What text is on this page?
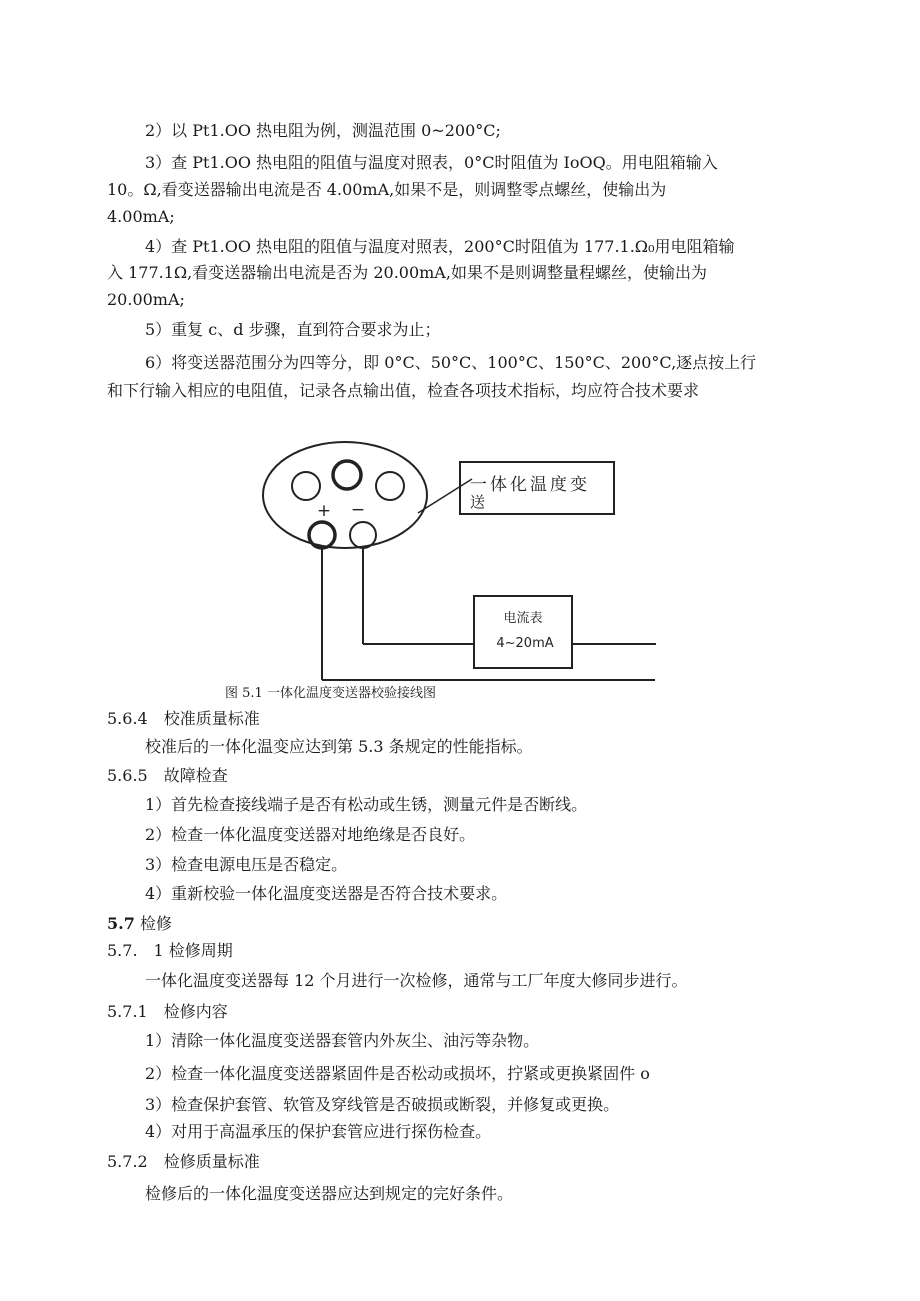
2）以 Pt1.OO 热电阻为例，测温范围 0~200°C;
3）查 Pt1.OO 热电阻的阻值与温度对照表，0°C时阻值为 IoOQ。用电阻箱输入
10。Ω,看变送器输出电流是否 4.00mA,如果不是，则调整零点螺丝，使输出为
4.00mA;
4）查 Pt1.OO 热电阻的阻值与温度对照表，200°C时阻值为 177.1.Ω₀用电阻箱输
入 177.1Ω,看变送器输出电流是否为 20.00mA,如果不是则调整量程螺丝，使输出为
20.00mA;
5）重复 c、d 步骤，直到符合要求为止；
6）将变送器范围分为四等分，即 0°C、50°C、100°C、150°C、200°C,逐点按上行
和下行输入相应的电阻值，记录各点输出值，检查各项技术指标，均应符合技术要求
+ −
一体化温度变
送
电流表
4~20mA
图 5.1 一体化温度变送器校验接线图
5.6.4　校准质量标准
校准后的一体化温变应达到第 5.3 条规定的性能指标。
5.6.5　故障检查
1）首先检查接线端子是否有松动或生锈，测量元件是否断线。
2）检查一体化温度变送器对地绝缘是否良好。
3）检查电源电压是否稳定。
4）重新校验一体化温度变送器是否符合技术要求。
5.7 检修
5.7.　1 检修周期
一体化温度变送器每 12 个月进行一次检修，通常与工厂年度大修同步进行。
5.7.1　检修内容
1）清除一体化温度变送器套管内外灰尘、油污等杂物。
2）检查一体化温度变送器紧固件是否松动或损坏，拧紧或更换紧固件 o
3）检查保护套管、软管及穿线管是否破损或断裂，并修复或更换。
4）对用于高温承压的保护套管应进行探伤检查。
5.7.2　检修质量标准
检修后的一体化温度变送器应达到规定的完好条件。
